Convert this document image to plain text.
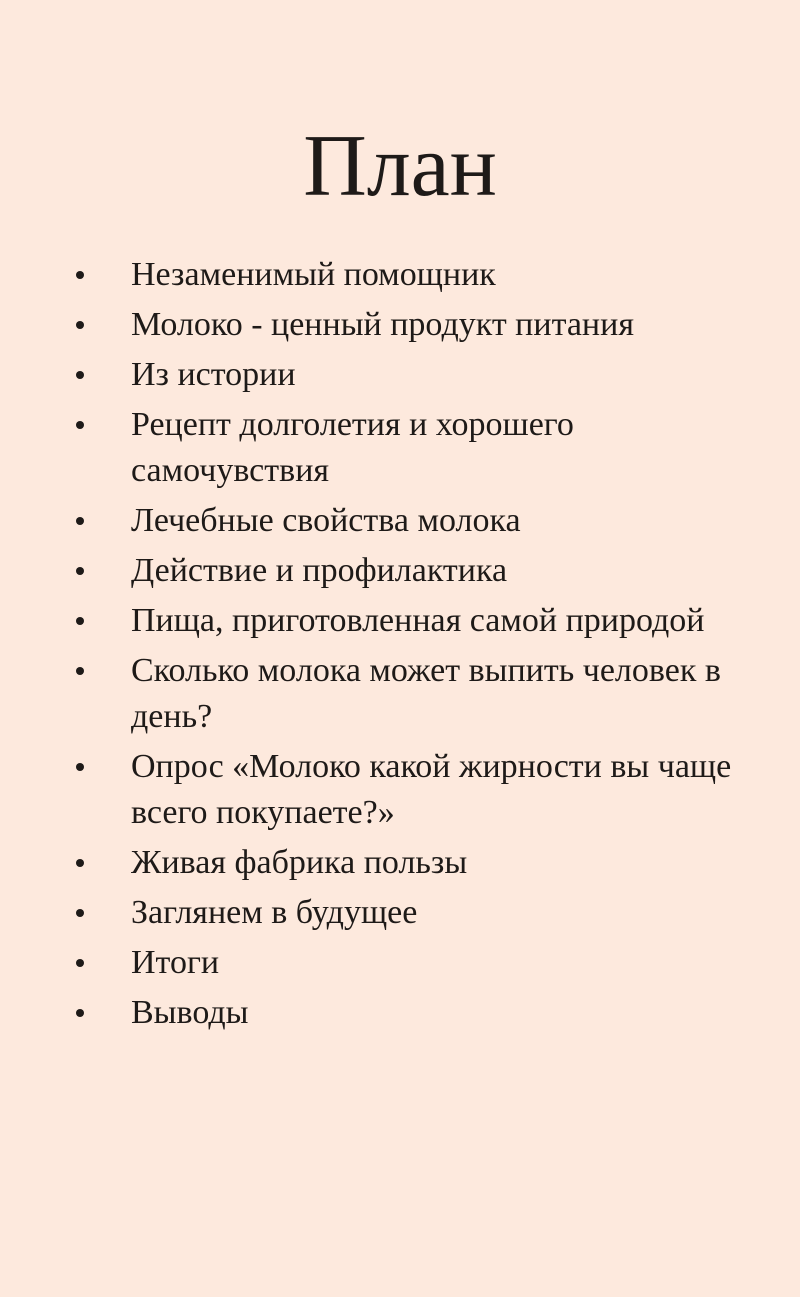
План
Незаменимый помощник
Молоко - ценный продукт питания
Из истории
Рецепт долголетия и хорошего самочувствия
Лечебные свойства молока
Действие и профилактика
Пища, приготовленная самой природой
Сколько молока может выпить человек в день?
Опрос «Молоко какой жирности вы чаще всего покупаете?»
Живая фабрика пользы
Заглянем в будущее
Итоги
Выводы
